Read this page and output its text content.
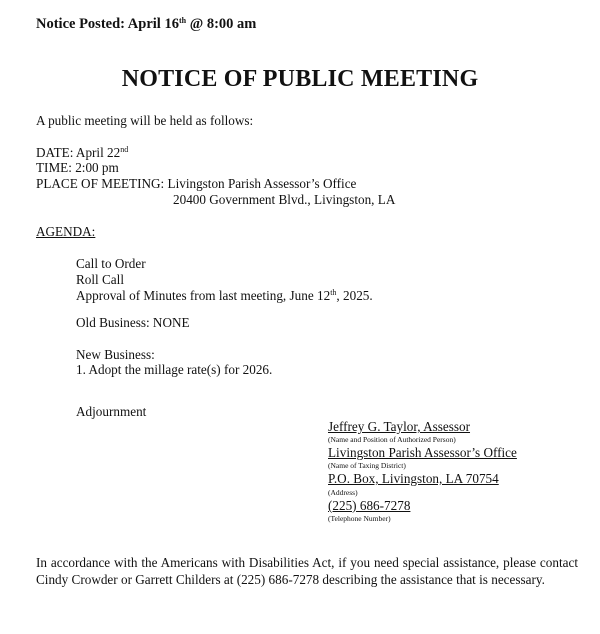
Notice Posted: April 16th @ 8:00 am
NOTICE OF PUBLIC MEETING
A public meeting will be held as follows:
DATE: April 22nd
TIME: 2:00 pm
PLACE OF MEETING: Livingston Parish Assessor’s Office
20400 Government Blvd., Livingston, LA
AGENDA:
Call to Order
Roll Call
Approval of Minutes from last meeting, June 12th, 2025.
Old Business: NONE
New Business:
1. Adopt the millage rate(s) for 2026.
Adjournment
Jeffrey G. Taylor, Assessor
(Name and Position of Authorized Person)
Livingston Parish Assessor’s Office
(Name of Taxing District)
P.O. Box, Livingston, LA 70754
(Address)
(225) 686-7278
(Telephone Number)
In accordance with the Americans with Disabilities Act, if you need special assistance, please contact Cindy Crowder or Garrett Childers at (225) 686-7278 describing the assistance that is necessary.
